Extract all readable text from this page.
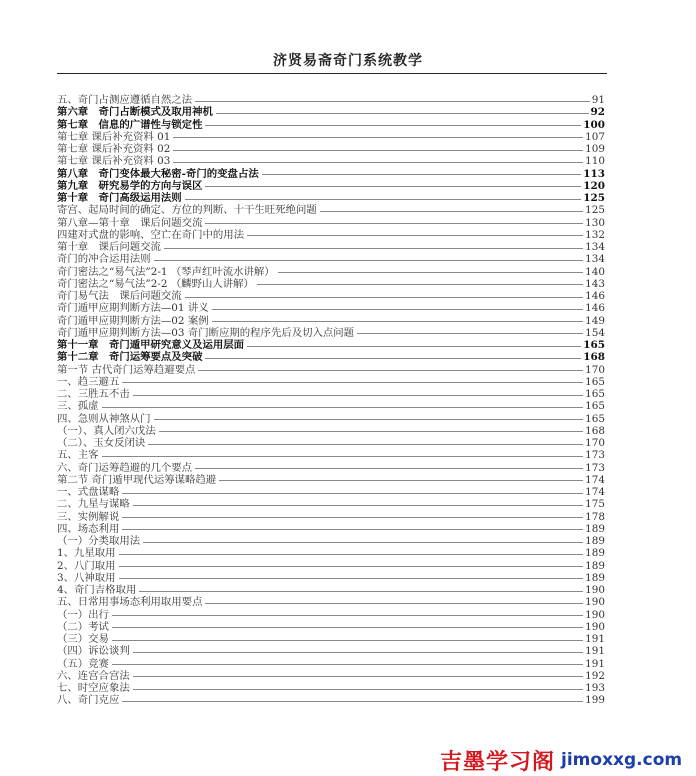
济贤易斋奇门系统教学
五、奇门占测应遵循自然之法	91
第六章　奇门占断模式及取用神机	92
第七章　信息的广谱性与锁定性	100
第七章 课后补充资料 01	107
第七章 课后补充资料 02	109
第七章 课后补充资料 03	110
第八章　奇门变体最大秘密-奇门的变盘占法	113
第九章　研究易学的方向与误区	120
第十章　奇门高级运用法则	125
寄宫、起局时间的确定、方位的判断、十干生旺死绝问题	125
第八章—第十章　课后问题交流	130
四建对式盘的影响、空亡在奇门中的用法	132
第十章　课后问题交流	134
奇门的冲合运用法则	134
奇门密法之“易气法”2-1 （琴声红叶流水讲解）	140
奇门密法之“易气法”2-2 （麟野山人讲解）	143
奇门易气法　课后问题交流	146
奇门遁甲应期判断方法—01 讲义	146
奇门遁甲应期判断方法—02 案例	149
奇门遁甲应期判断方法—03 奇门断应期的程序先后及切入点问题	154
第十一章　奇门遁甲研究意义及运用层面	165
第十二章　奇门运筹要点及突破	168
第一节 古代奇门运筹趋避要点	170
一、趋三避五	165
二、三胜五不击	165
三、孤虚	165
四、急则从神煞从门	165
（一）、真人闭六戊法	168
（二）、玉女反闭诀	170
五、主客	173
六、奇门运筹趋避的几个要点	173
第二节 奇门遁甲现代运筹谋略趋避	174
一、式盘谋略	174
二、九星与谋略	175
三、实例解说	178
四、场态利用	189
（一）分类取用法	189
1、九星取用	189
2、八门取用	189
3、八神取用	189
4、奇门吉格取用	190
五、日常用事场态利用取用要点	190
（一）出行	190
（二）考试	190
（三）交易	191
（四）诉讼谈判	191
（五）竞赛	191
六、连宫合宫法	192
七、时空应象法	193
八、奇门克应	199
吉墨学习阁 jimoxxg.com
